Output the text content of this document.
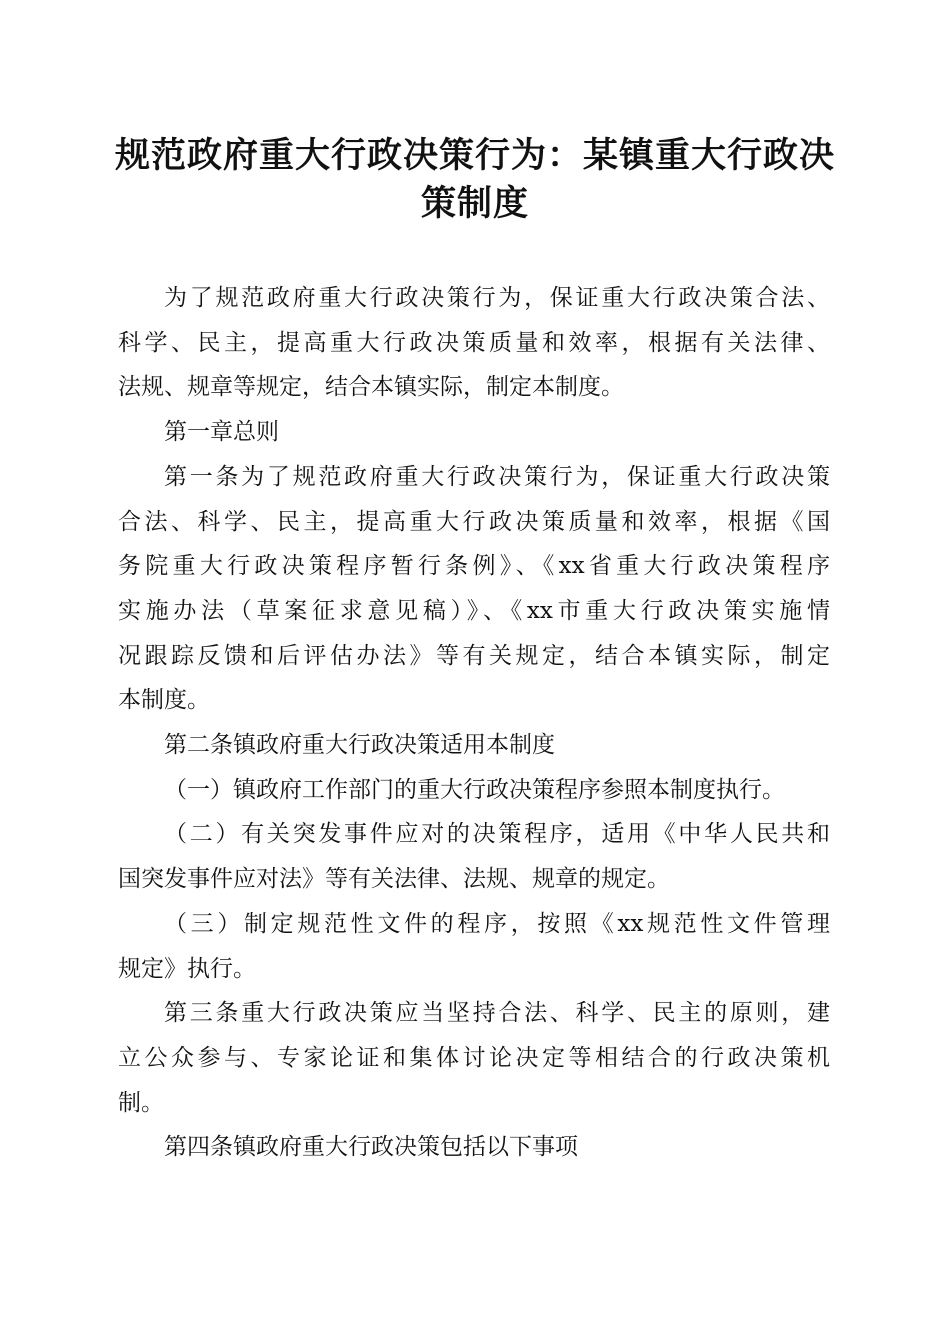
规范政府重大行政决策行为：某镇重大行政决
策制度
为了规范政府重大行政决策行为，保证重大行政决策合法、
科学、民主，提高重大行政决策质量和效率，根据有关法律、
法规、规章等规定，结合本镇实际，制定本制度。
第一章总则
第一条为了规范政府重大行政决策行为，保证重大行政决策
合法、科学、民主，提高重大行政决策质量和效率，根据《国
务院重大行政决策程序暂行条例》、《xx省重大行政决策程序
实施办法（草案征求意见稿）》、《xx市重大行政决策实施情
况跟踪反馈和后评估办法》等有关规定，结合本镇实际，制定
本制度。
第二条镇政府重大行政决策适用本制度
（一）镇政府工作部门的重大行政决策程序参照本制度执行。
（二）有关突发事件应对的决策程序，适用《中华人民共和
国突发事件应对法》等有关法律、法规、规章的规定。
（三）制定规范性文件的程序，按照《xx规范性文件管理
规定》执行。
第三条重大行政决策应当坚持合法、科学、民主的原则，建
立公众参与、专家论证和集体讨论决定等相结合的行政决策机
制。
第四条镇政府重大行政决策包括以下事项
